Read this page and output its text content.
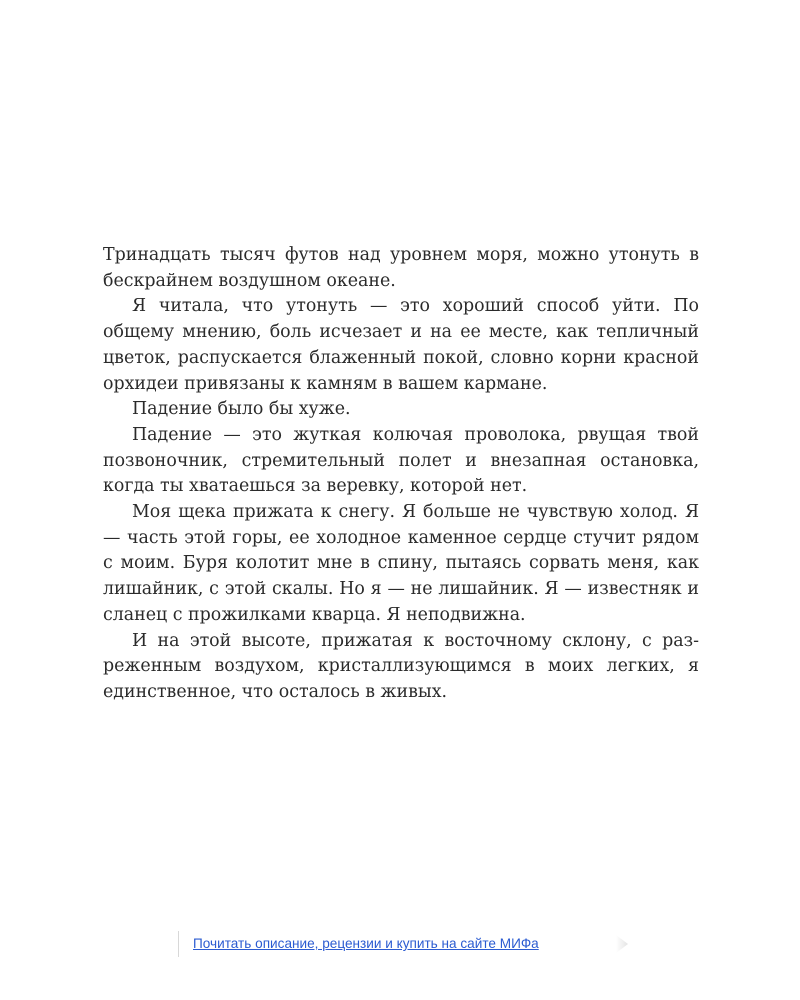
Тринадцать тысяч футов над уровнем моря, можно утонуть в бескрайнем воздушном океане.

Я читала, что утонуть — это хороший способ уйти. По общему мнению, боль исчезает и на ее месте, как тепличный цветок, распускается блаженный покой, словно корни красной орхидеи привязаны к камням в вашем кармане.

Падение было бы хуже.

Падение — это жуткая колючая проволока, рвущая твой позвоночник, стремительный полет и внезапная остановка, когда ты хватаешься за веревку, которой нет.

Моя щека прижата к снегу. Я больше не чувствую холод. Я — часть этой горы, ее холодное каменное сердце стучит рядом с моим. Буря колотит мне в спину, пытаясь сорвать меня, как лишайник, с этой скалы. Но я — не лишайник. Я — известняк и сланец с прожилками кварца. Я неподвижна.

И на этой высоте, прижатая к восточному склону, с разреженным воздухом, кристаллизующимся в моих легких, я единственное, что осталось в живых.

Почитать описание, рецензии и купить на сайте МИФа
